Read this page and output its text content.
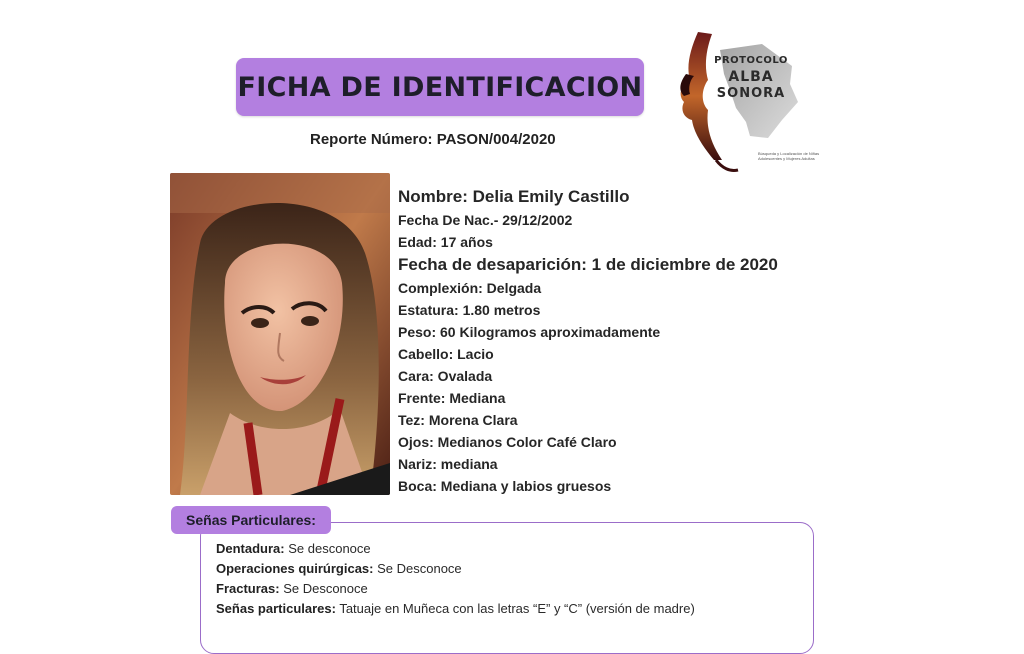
FICHA DE IDENTIFICACION
Reporte Número: PASON/004/2020
PROTOCOLO
ALBA
SONORA
Búsqueda y Localización de Niñas Adolescentes y Mujeres Adultas
Nombre: Delia Emily Castillo
Fecha De Nac.- 29/12/2002
Edad: 17 años
Fecha de desaparición: 1 de diciembre de 2020
Complexión: Delgada
Estatura: 1.80 metros
Peso: 60 Kilogramos aproximadamente
Cabello: Lacio
Cara: Ovalada
Frente: Mediana
Tez: Morena Clara
Ojos: Medianos Color Café Claro
Nariz: mediana
Boca: Mediana y labios gruesos
Señas Particulares:
Dentadura: Se desconoce
Operaciones quirúrgicas: Se Desconoce
Fracturas: Se Desconoce
Señas particulares: Tatuaje en Muñeca con las letras “E” y “C” (versión de madre)
